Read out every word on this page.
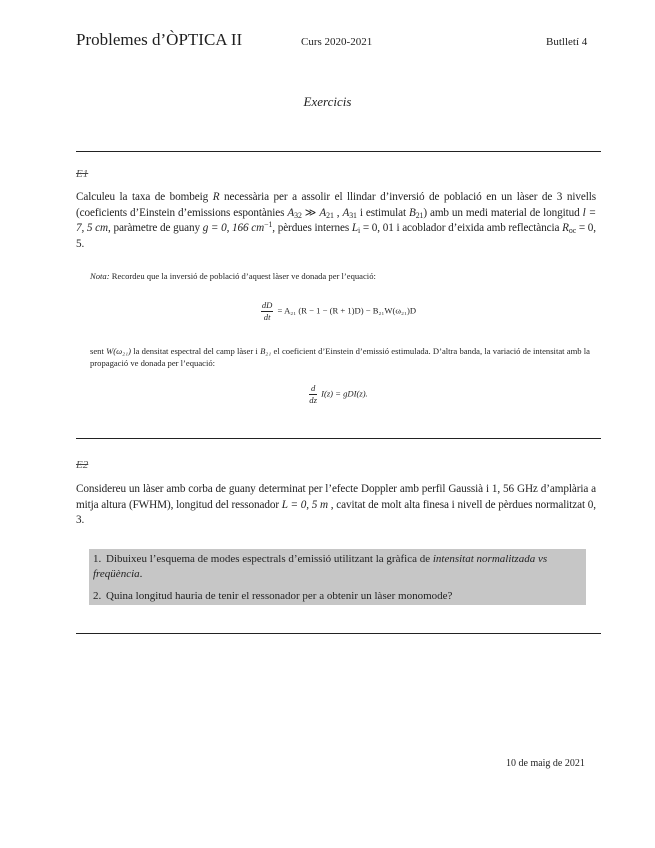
Problemes d’ÒPTICA II	Curs 2020-2021	Butlletí 4
Exercicis
E1
Calculeu la taxa de bombeig R necessària per a assolir el llindar d’inversió de població en un làser de 3 nivells (coeficients d’Einstein d’emissions espontànies $A_{32}$ ≫ $A_{21}$ , $A_{31}$ i estimulat $B_{21}$) amb un medi material de longitud l = 7, 5 cm, paràmetre de guany g = 0, 166 $cm^{-1}$, pèrdues internes $L_i = 0$, 01 i acoblador d’eixida amb reflectància $R_{oc} = 0$, 5.
Nota: Recordeu que la inversió de població d’aquest làser ve donada per l’equació:
$\frac{dD}{dt} = A_{21}$ (R − 1 − (R + 1)D) − B₂₁W(ω₂₁)D
sent W(ω₂₁) la densitat espectral del camp làser i B₂₁ el coeficient d’Einstein d’emissió estimulada. D’altra banda, la variació de intensitat amb la propagació ve donada per l’equació:
$\frac{d}{dz} I(z) = gDI(z)$.
E2
Considereu un làser amb corba de guany determinat per l’efecte Doppler amb perfil Gaussià i 1, 56 GHz d’amplària a mitja altura (FWHM), longitud del ressonador L = 0, 5 m , cavitat de molt alta finesa i nivell de pèrdues normalitzat 0, 3.
1. Dibuixeu l’esquema de modes espectrals d’emissió utilitzant la gràfica de intensitat normalitzada vs freqüència.
2. Quina longitud hauria de tenir el ressonador per a obtenir un làser monomode?
10 de maig de 2021
